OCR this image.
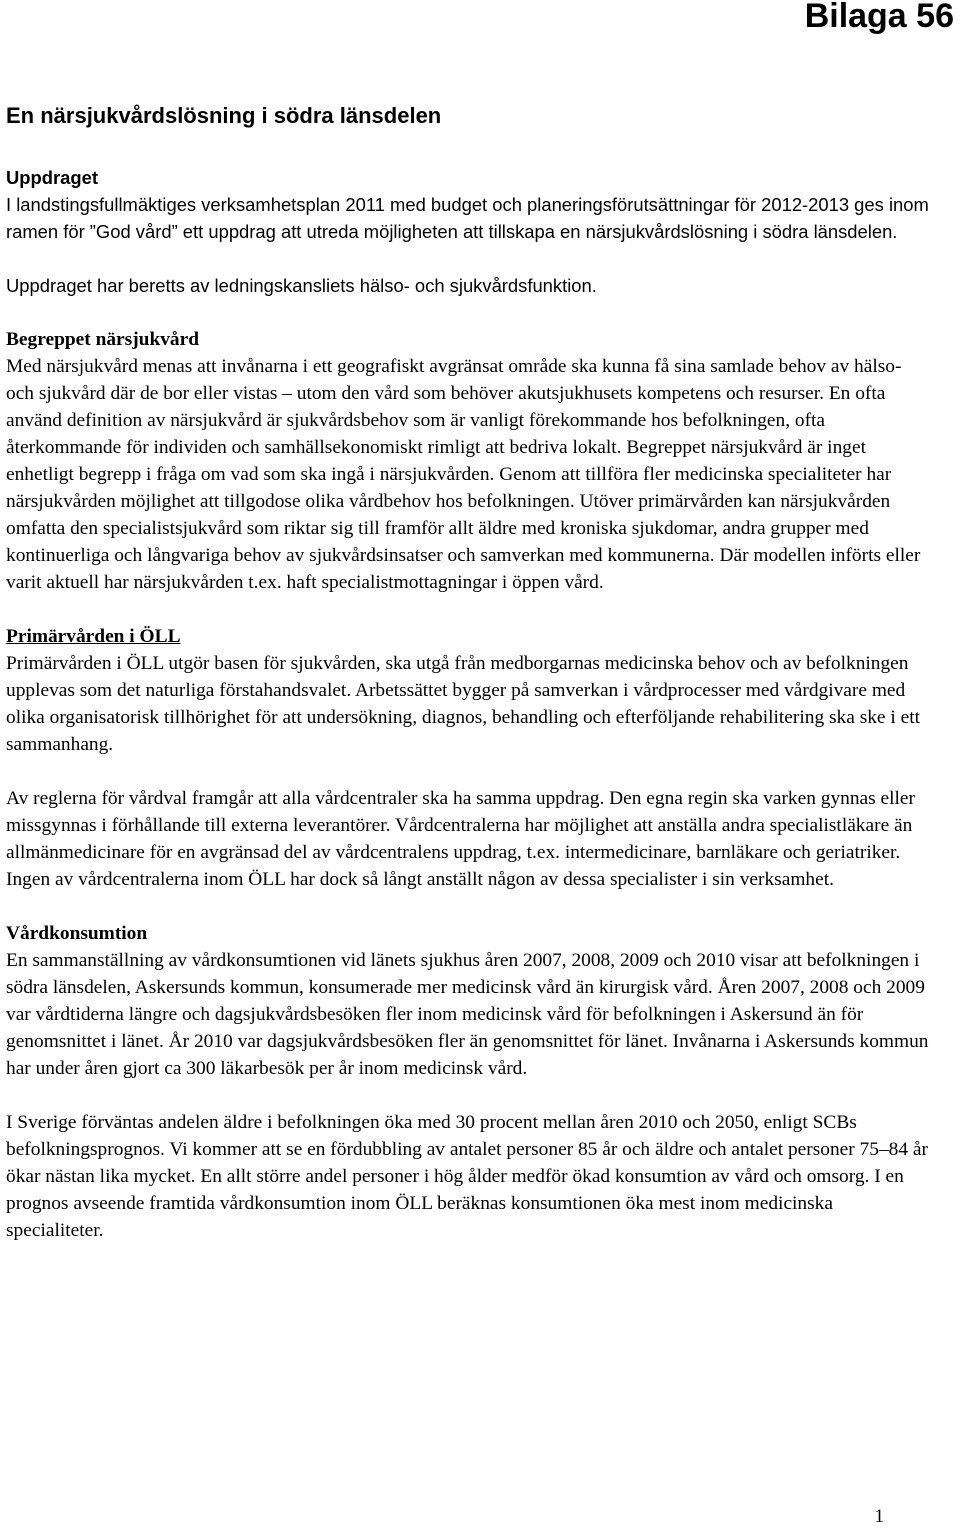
Bilaga 56
En närsjukvårdslösning i södra länsdelen
Uppdraget

I landstingsfullmäktiges verksamhetsplan 2011 med budget och planeringsförutsättningar för 2012-2013 ges inom ramen för ”God vård” ett uppdrag att utreda möjligheten att tillskapa en närsjukvårdslösning i södra länsdelen.

Uppdraget har beretts av ledningskansliets hälso- och sjukvårdsfunktion.

Begreppet närsjukvård

Med närsjukvård menas att invånarna i ett geografiskt avgränsat område ska kunna få sina samlade behov av hälso- och sjukvård där de bor eller vistas – utom den vård som behöver akutsjukhusets kompetens och resurser. En ofta använd definition av närsjukvård är sjukvårdsbehov som är vanligt förekommande hos befolkningen, ofta återkommande för individen och samhällsekonomiskt rimligt att bedriva lokalt. Begreppet närsjukvård är inget enhetligt begrepp i fråga om vad som ska ingå i närsjukvården. Genom att tillföra fler medicinska specialiteter har närsjukvården möjlighet att tillgodose olika vårdbehov hos befolkningen. Utöver primärvården kan närsjukvården omfatta den specialistsjukvård som riktar sig till framför allt äldre med kroniska sjukdomar, andra grupper med kontinuerliga och långvariga behov av sjukvårdsinsatser och samverkan med kommunerna. Där modellen införts eller varit aktuell har närsjukvården t.ex. haft specialistmottagningar i öppen vård.

Primärvården i ÖLL

Primärvården i ÖLL utgör basen för sjukvården, ska utgå från medborgarnas medicinska behov och av befolkningen upplevas som det naturliga förstahandsvalet. Arbetssättet bygger på samverkan i vårdprocesser med vårdgivare med olika organisatorisk tillhörighet för att undersökning, diagnos, behandling och efterföljande rehabilitering ska ske i ett sammanhang.

Av reglerna för vårdval framgår att alla vårdcentraler ska ha samma uppdrag. Den egna regin ska varken gynnas eller missgynnas i förhållande till externa leverantörer. Vårdcentralerna har möjlighet att anställa andra specialistläkare än allmänmedicinare för en avgränsad del av vårdcentralens uppdrag, t.ex. intermedicinare, barnläkare och geriatriker. Ingen av vårdcentralerna inom ÖLL har dock så långt anställt någon av dessa specialister i sin verksamhet.

Vårdkonsumtion

En sammanställning av vårdkonsumtionen vid länets sjukhus åren 2007, 2008, 2009 och 2010 visar att befolkningen i södra länsdelen, Askersunds kommun, konsumerade mer medicinsk vård än kirurgisk vård. Åren 2007, 2008 och 2009 var vårdtiderna längre och dagsjukvårdsbesöken fler inom medicinsk vård för befolkningen i Askersund än för genomsnittet i länet. År 2010 var dagsjukvårdsbesöken fler än genomsnittet för länet. Invånarna i Askersunds kommun har under åren gjort ca 300 läkarbesök per år inom medicinsk vård.

I Sverige förväntas andelen äldre i befolkningen öka med 30 procent mellan åren 2010 och 2050, enligt SCBs befolkningsprognos. Vi kommer att se en fördubbling av antalet personer 85 år och äldre och antalet personer 75–84 år ökar nästan lika mycket. En allt större andel personer i hög ålder medför ökad konsumtion av vård och omsorg. I en prognos avseende framtida vårdkonsumtion inom ÖLL beräknas konsumtionen öka mest inom medicinska specialiteter.

1
